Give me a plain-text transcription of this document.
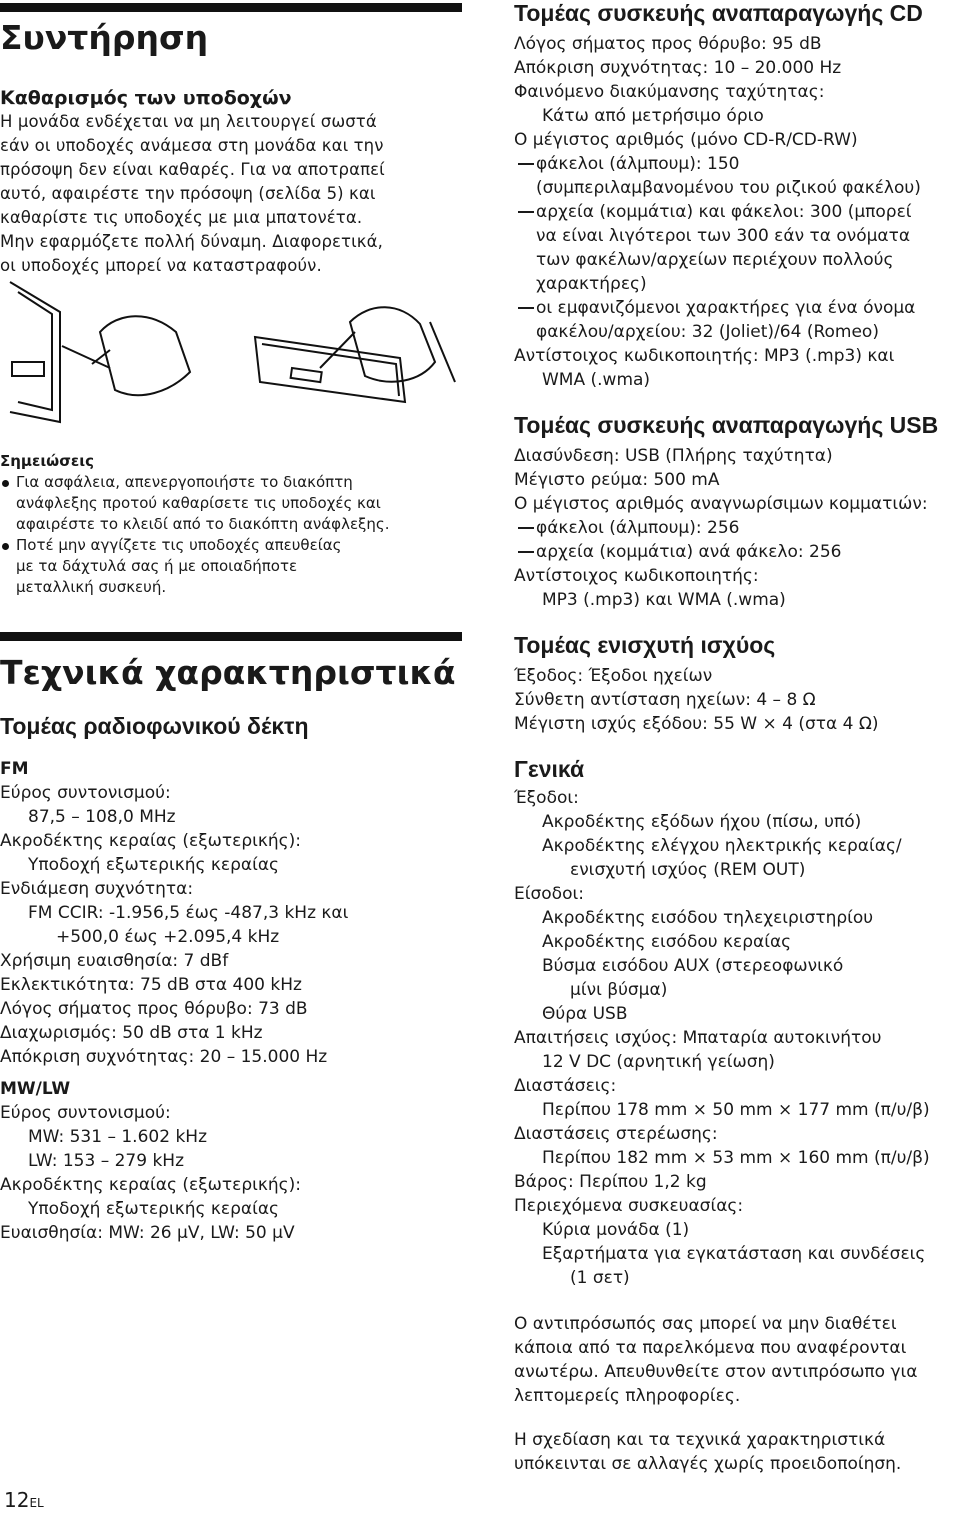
Συντήρηση
Καθαρισμός των υποδοχών
Η μονάδα ενδέχεται να μη λειτουργεί σωστά
εάν οι υποδοχές ανάμεσα στη μονάδα και την
πρόσοψη δεν είναι καθαρές. Για να αποτραπεί
αυτό, αφαιρέστε την πρόσοψη (σελίδα 5) και
καθαρίστε τις υποδοχές με μια μπατονέτα.
Μην εφαρμόζετε πολλή δύναμη. Διαφορετικά,
οι υποδοχές μπορεί να καταστραφούν.
Σημειώσεις
Για ασφάλεια, απενεργοποιήστε το διακόπτη
ανάφλεξης προτού καθαρίσετε τις υποδοχές και
αφαιρέστε το κλειδί από το διακόπτη ανάφλεξης.
Ποτέ μην αγγίζετε τις υποδοχές απευθείας
με τα δάχτυλά σας ή με οποιαδήποτε
μεταλλική συσκευή.
Τεχνικά χαρακτηριστικά
Τομέας ραδιοφωνικού δέκτη
FM
Εύρος συντονισμού:
87,5 – 108,0 MHz
Ακροδέκτης κεραίας (εξωτερικής):
Υποδοχή εξωτερικής κεραίας
Ενδιάμεση συχνότητα:
FM CCIR: -1.956,5 έως -487,3 kHz και
+500,0 έως +2.095,4 kHz
Χρήσιμη ευαισθησία: 7 dBf
Εκλεκτικότητα: 75 dB στα 400 kHz
Λόγος σήματος προς θόρυβο: 73 dB
Διαχωρισμός: 50 dB στα 1 kHz
Απόκριση συχνότητας: 20 – 15.000 Hz
MW/LW
Εύρος συντονισμού:
MW: 531 – 1.602 kHz
LW: 153 – 279 kHz
Ακροδέκτης κεραίας (εξωτερικής):
Υποδοχή εξωτερικής κεραίας
Ευαισθησία: MW: 26 μV, LW: 50 μV
12EL
Τομέας συσκευής αναπαραγωγής CD
Λόγος σήματος προς θόρυβο: 95 dB
Απόκριση συχνότητας: 10 – 20.000 Hz
Φαινόμενο διακύμανσης ταχύτητας:
Κάτω από μετρήσιμο όριο
Ο μέγιστος αριθμός (μόνο CD-R/CD-RW)
φάκελοι (άλμπουμ): 150
(συμπεριλαμβανομένου του ριζικού φακέλου)
αρχεία (κομμάτια) και φάκελοι: 300 (μπορεί
να είναι λιγότεροι των 300 εάν τα ονόματα
των φακέλων/αρχείων περιέχουν πολλούς
χαρακτήρες)
οι εμφανιζόμενοι χαρακτήρες για ένα όνομα
φακέλου/αρχείου: 32 (Joliet)/64 (Romeo)
Αντίστοιχος κωδικοποιητής: MP3 (.mp3) και
WMA (.wma)
Τομέας συσκευής αναπαραγωγής USB
Διασύνδεση: USB (Πλήρης ταχύτητα)
Μέγιστο ρεύμα: 500 mA
Ο μέγιστος αριθμός αναγνωρίσιμων κομματιών:
φάκελοι (άλμπουμ): 256
αρχεία (κομμάτια) ανά φάκελο: 256
Αντίστοιχος κωδικοποιητής:
MP3 (.mp3) και WMA (.wma)
Τομέας ενισχυτή ισχύος
Έξοδος: Έξοδοι ηχείων
Σύνθετη αντίσταση ηχείων: 4 – 8 Ω
Μέγιστη ισχύς εξόδου: 55 W × 4 (στα 4 Ω)
Γενικά
Έξοδοι:
Ακροδέκτης εξόδων ήχου (πίσω, υπό)
Ακροδέκτης ελέγχου ηλεκτρικής κεραίας/
ενισχυτή ισχύος (REM OUT)
Είσοδοι:
Ακροδέκτης εισόδου τηλεχειριστηρίου
Ακροδέκτης εισόδου κεραίας
Βύσμα εισόδου AUX (στερεοφωνικό
μίνι βύσμα)
Θύρα USB
Απαιτήσεις ισχύος: Μπαταρία αυτοκινήτου
12 V DC (αρνητική γείωση)
Διαστάσεις:
Περίπου 178 mm × 50 mm × 177 mm (π/υ/β)
Διαστάσεις στερέωσης:
Περίπου 182 mm × 53 mm × 160 mm (π/υ/β)
Βάρος: Περίπου 1,2 kg
Περιεχόμενα συσκευασίας:
Κύρια μονάδα (1)
Εξαρτήματα για εγκατάσταση και συνδέσεις
(1 σετ)
Ο αντιπρόσωπός σας μπορεί να μην διαθέτει
κάποια από τα παρελκόμενα που αναφέρονται
ανωτέρω. Απευθυνθείτε στον αντιπρόσωπο για
λεπτομερείς πληροφορίες.
Η σχεδίαση και τα τεχνικά χαρακτηριστικά
υπόκεινται σε αλλαγές χωρίς προειδοποίηση.
